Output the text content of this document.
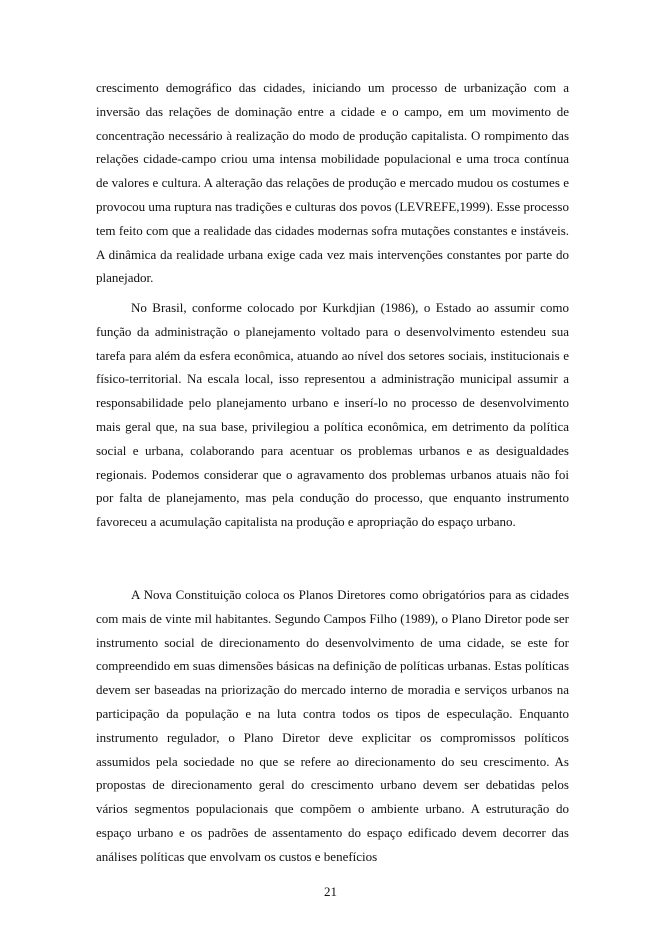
crescimento demográfico das cidades, iniciando um processo de urbanização com a inversão das relações de dominação entre a cidade e o campo, em um movimento de concentração necessário à realização do modo de produção capitalista. O rompimento das relações cidade-campo criou uma intensa mobilidade populacional e uma troca contínua de valores e cultura. A alteração das relações de produção e mercado mudou os costumes e provocou uma ruptura nas tradições e culturas dos povos (LEVREFE,1999). Esse processo tem feito com que a realidade das cidades modernas sofra mutações constantes e instáveis. A dinâmica da realidade urbana exige cada vez mais intervenções constantes por parte do planejador.

No Brasil, conforme colocado por Kurkdjian (1986), o Estado ao assumir como função da administração o planejamento voltado para o desenvolvimento estendeu sua tarefa para além da esfera econômica, atuando ao nível dos setores sociais, institucionais e físico-territorial. Na escala local, isso representou a administração municipal assumir a responsabilidade pelo planejamento urbano e inserí-lo no processo de desenvolvimento mais geral que, na sua base, privilegiou a política econômica, em detrimento da política social e urbana, colaborando para acentuar os problemas urbanos e as desigualdades regionais. Podemos considerar que o agravamento dos problemas urbanos atuais não foi por falta de planejamento, mas pela condução do processo, que enquanto instrumento favoreceu a acumulação capitalista na produção e apropriação do espaço urbano.

A Nova Constituição coloca os Planos Diretores como obrigatórios para as cidades com mais de vinte mil habitantes. Segundo Campos Filho (1989), o Plano Diretor pode ser instrumento social de direcionamento do desenvolvimento de uma cidade, se este for compreendido em suas dimensões básicas na definição de políticas urbanas. Estas políticas devem ser baseadas na priorização do mercado interno de moradia e serviços urbanos na participação da população e na luta contra todos os tipos de especulação. Enquanto instrumento regulador, o Plano Diretor deve explicitar os compromissos políticos assumidos pela sociedade no que se refere ao direcionamento do seu crescimento. As propostas de direcionamento geral do crescimento urbano devem ser debatidas pelos vários segmentos populacionais que compõem o ambiente urbano. A estruturação do espaço urbano e os padrões de assentamento do espaço edificado devem decorrer das análises políticas que envolvam os custos e benefícios

21
